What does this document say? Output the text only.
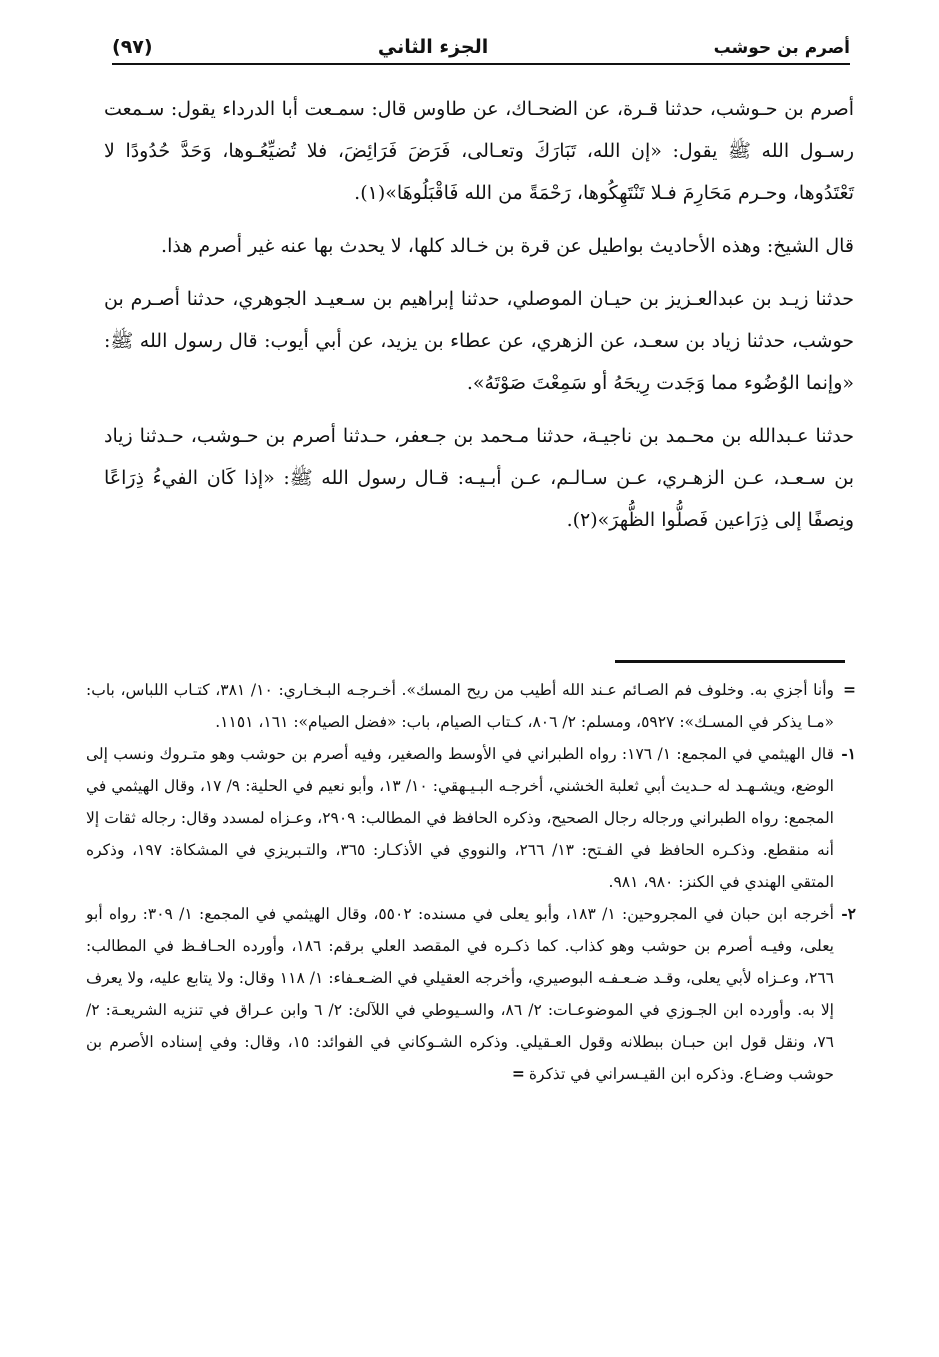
أصرم بن حوشب
الجزء الثاني
(٩٧)

أصرم بن حـوشب، حدثنا قـرة، عن الضحـاك، عن طاوس قال: سمـعت أبا الدرداء يقول: سـمعت رسـول الله ﷺ يقول: «إن الله، تَبَارَكَ وتعـالى، فَرَضَ فَرَائِضَ، فلا تُضيِّعُـوها، وَحَدَّ حُدُودًا لا تَعْتَدُوها، وحـرم مَحَارِمَ فـلا تَنْتَهِكُوها، رَحْمَةً من الله فَاقْبَلُوهَا»(١).

قال الشيخ: وهذه الأحاديث بواطيل عن قرة بن خـالد كلها، لا يحدث بها عنه غير أصرم هذا.

حدثنا زيـد بن عبدالعـزيز بن حيـان الموصلي، حدثنا إبراهيم بن سـعيـد الجوهري، حدثنا أصـرم بن حوشب، حدثنا زياد بن سعـد، عن الزهري، عن عطاء بن يزيد، عن أبي أيوب: قال رسول الله ﷺ: «وإنما الوُضُوء مما وَجَدت رِيحَهُ أو سَمِعْتَ صَوْتَهُ».

حدثنا عـبدالله بن محـمد بن ناجيـة، حدثنا مـحمد بن جـعفر، حـدثنا أصرم بن حـوشب، حـدثنا زياد بن سـعـد، عـن الزهـري، عـن سـالـم، عـن أبـيـه: قـال رسول الله ﷺ: «إذا كَان الفيءُ ذِرَاعًا ونِصفًا إلى ذِرَاعين فَصلُّوا الظُّهرَ»(٢).

=
وأنا أجزي به. وخلوف فم الصـائم عـند الله أطيب من ريح المسك». أخـرجـه البـخـاري: ١٠/ ٣٨١، كتـاب اللباس، باب: «مـا يذكر في المسـك»: ٥٩٢٧، ومسلم: ٢/ ٨٠٦، كـتاب الصيام، باب: «فضل الصيام»: ١٦١، ١١٥١.
١-
قال الهيثمي في المجمع: ١/ ١٧٦: رواه الطبراني في الأوسط والصغير، وفيه أصرم بن حوشب وهو متـروك ونسب إلى الوضع، ويشـهـد له حـديث أبي ثعلبة الخشني، أخرجـه البـيـهقي: ١٠/ ١٣، وأبو نعيم في الحلية: ٩/ ١٧، وقال الهيثمي في المجمع: رواه الطبراني ورجاله رجال الصحيح، وذكره الحافظ في المطالب: ٢٩٠٩، وعـزاه لمسدد وقال: رجاله ثقات إلا أنه منقطع. وذكـره الحافظ في الفـتح: ١٣/ ٢٦٦، والنووي في الأذكـار: ٣٦٥، والتـبريزي في المشكاة: ١٩٧، وذكره المتقي الهندي في الكنز: ٩٨٠، ٩٨١.
٢-
أخرجه ابن حبان في المجروحين: ١/ ١٨٣، وأبو يعلى في مسنده: ٥٥٠٢، وقال الهيثمي في المجمع: ١/ ٣٠٩: رواه أبو يعلى، وفيـه أصرم بن حوشب وهو كذاب. كما ذكـره في المقصد العلي برقم: ١٨٦، وأورده الحـافـظ في المطالب: ٢٦٦، وعـزاه لأبي يعلى، وقـد ضـعـفـه البوصيري، وأخرجه العقيلي في الضـعـفاء: ١/ ١١٨ وقال: ولا يتابع عليه، ولا يعرف إلا به. وأورده ابن الجـوزي في الموضوعـات: ٢/ ٨٦، والسـيوطي في اللآلئ: ٢/ ٦ وابن عـراق في تنزيه الشريعـة: ٢/ ٧٦، ونقل قول ابن حبـان ببطلانه وقول العـقيلي. وذكره الشـوكاني في الفوائد: ١٥، وقال: وفي إسناده الأصرم بن حوشب وضـاع. وذكره ابن القيـسراني في تذكرة=
